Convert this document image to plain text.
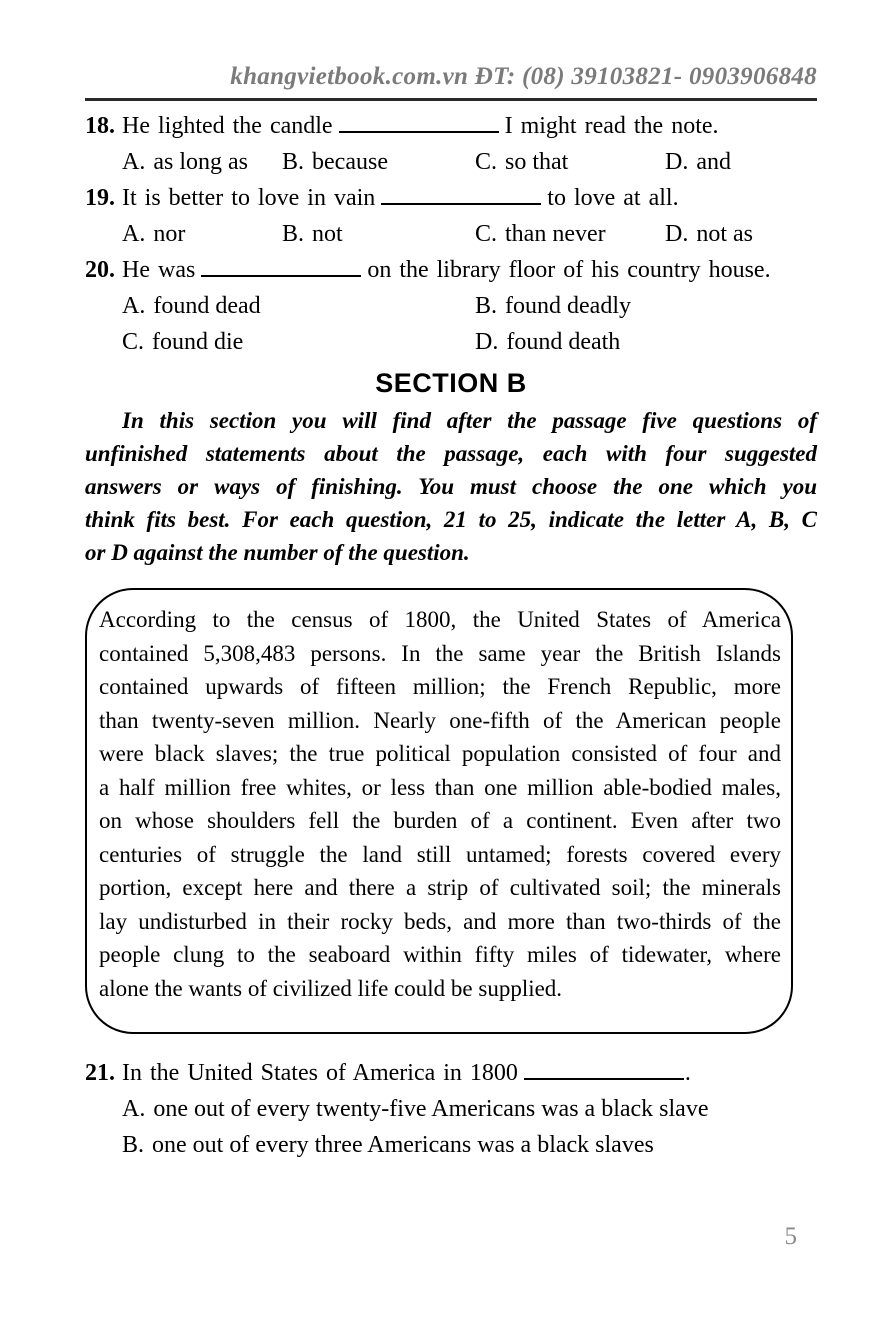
khangvietbook.com.vn ĐT: (08) 39103821- 0903906848
18. He lighted the candle	I might read the note.
A. as long as	B. because	C. so that	D. and
19. It is better to love in vain	to love at all.
A. nor	B. not	C. than never	D. not as
20. He was	on the library floor of his country house.
A. found dead	B. found deadly
C. found die	D. found death
SECTION B
In this section you will find after the passage five questions of
unfinished statements about the passage, each with four suggested
answers or ways of finishing. You must choose the one which you
think fits best. For each question, 21 to 25, indicate the letter A, B, C
or D against the number of the question.
According to the census of 1800, the United States of America
contained 5,308,483 persons. In the same year the British Islands
contained upwards of fifteen million; the French Republic, more
than twenty-seven million. Nearly one-fifth of the American people
were black slaves; the true political population consisted of four and
a half million free whites, or less than one million able-bodied males,
on whose shoulders fell the burden of a continent. Even after two
centuries of struggle the land still untamed; forests covered every
portion, except here and there a strip of cultivated soil; the minerals
lay undisturbed in their rocky beds, and more than two-thirds of the
people clung to the seaboard within fifty miles of tidewater, where
alone the wants of civilized life could be supplied.
21. In the United States of America in 1800	.
A. one out of every twenty-five Americans was a black slave
B. one out of every three Americans was a black slaves
5
